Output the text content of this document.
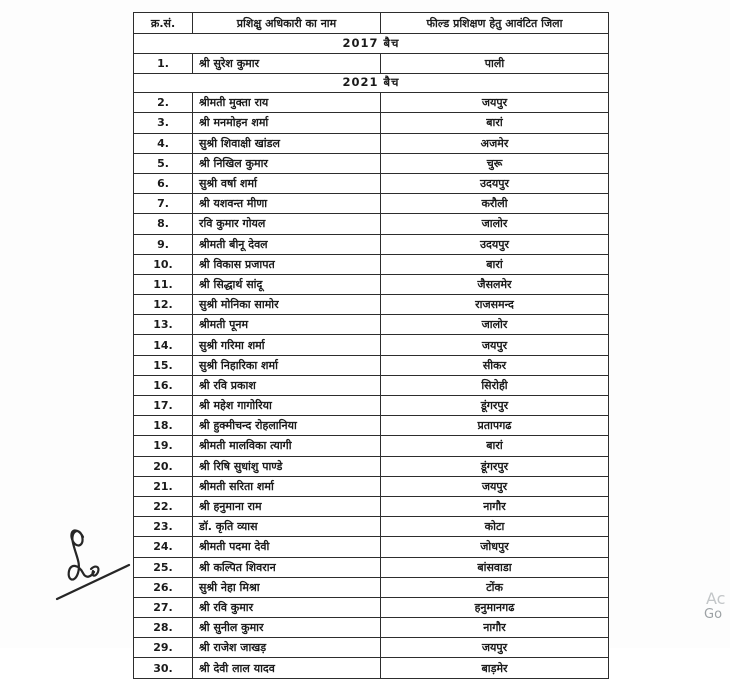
क्र.सं.	प्रशिक्षु अधिकारी का नाम	फील्ड प्रशिक्षण हेतु आवंटित जिला
2017 बैच		
1.	श्री सुरेश कुमार	पाली
2021 बैच		
2.	श्रीमती मुक्ता राय	जयपुर
3.	श्री मनमोहन शर्मा	बारां
4.	सुश्री शिवाक्षी खांडल	अजमेर
5.	श्री निखिल कुमार	चुरू
6.	सुश्री वर्षा शर्मा	उदयपुर
7.	श्री यशवन्त मीणा	करौली
8.	रवि कुमार गोयल	जालोर
9.	श्रीमती बीनू देवल	उदयपुर
10.	श्री विकास प्रजापत	बारां
11.	श्री सिद्धार्थ सांदू	जैसलमेर
12.	सुश्री मोनिका सामोर	राजसमन्द
13.	श्रीमती पूनम	जालोर
14.	सुश्री गरिमा शर्मा	जयपुर
15.	सुश्री निहारिका शर्मा	सीकर
16.	श्री रवि प्रकाश	सिरोही
17.	श्री महेश गागोरिया	डूंगरपुर
18.	श्री हुक्मीचन्द रोहलानिया	प्रतापगढ
19.	श्रीमती मालविका त्यागी	बारां
20.	श्री रिषि सुधांशु पाण्डे	डूंगरपुर
21.	श्रीमती सरिता शर्मा	जयपुर
22.	श्री हनुमाना राम	नागौर
23.	डॉ. कृति व्यास	कोटा
24.	श्रीमती पदमा देवी	जोधपुर
25.	श्री कल्पित शिवरान	बांसवाडा
26.	सुश्री नेहा मिश्रा	टोंक
27.	श्री रवि कुमार	हनुमानगढ
28.	श्री सुनील कुमार	नागौर
29.	श्री राजेश जाखड़	जयपुर
30.	श्री देवी लाल यादव	बाड़मेर
Ac
Go
